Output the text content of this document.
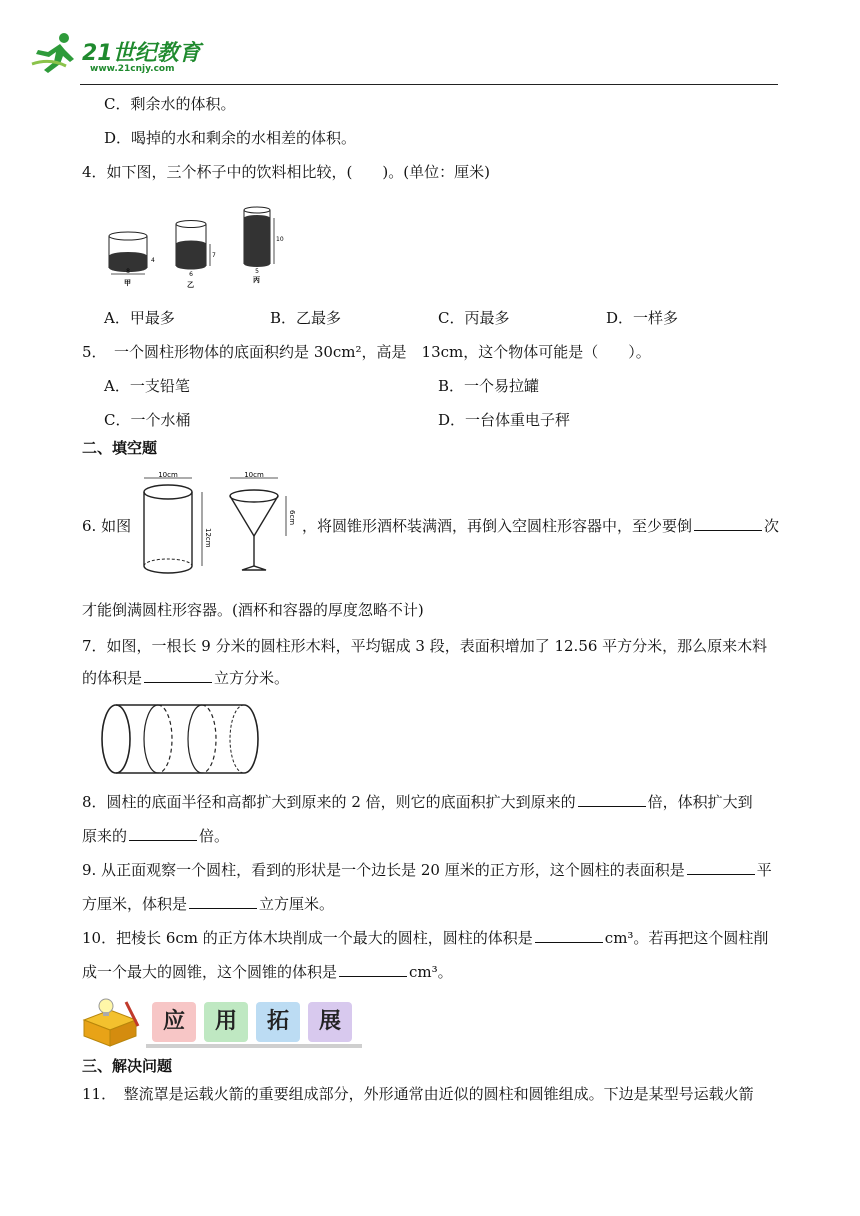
21世纪教育
www.21cnjy.com
C．剩余水的体积。
D．喝掉的水和剩余的水相差的体积。
4．如下图，三个杯子中的饮料相比较，(　　)。(单位：厘米)
8
4
甲
6
7
乙
5
10
丙
A．甲最多	B．乙最多	C．丙最多	D．一样多
5．　一个圆柱形物体的底面积约是 30cm²，高是　13cm，这个物体可能是（　　）。
A．一支铅笔	B．一个易拉罐
C．一个水桶	D．一台体重电子秤
二、填空题
6. 如图
10cm
12cm
10cm
6cm ，将圆锥形酒杯装满酒，再倒入空圆柱形容器中，至少要倒	次
才能倒满圆柱形容器。(酒杯和容器的厚度忽略不计)
7．如图，一根长 9 分米的圆柱形木料，平均锯成 3 段，表面积增加了 12.56 平方分米，那么原来木料
的体积是	立方分米。
8．圆柱的底面半径和高都扩大到原来的 2 倍，则它的底面积扩大到原来的	倍，体积扩大到
原来的	倍。
9. 从正面观察一个圆柱，看到的形状是一个边长是 20 厘米的正方形，这个圆柱的表面积是	平
方厘米，体积是	立方厘米。
10．把棱长 6cm 的正方体木块削成一个最大的圆柱，圆柱的体积是	cm³。若再把这个圆柱削
成一个最大的圆锥，这个圆锥的体积是	cm³。
应	用	拓	展
三、解决问题
11．　整流罩是运载火箭的重要组成部分，外形通常由近似的圆柱和圆锥组成。下边是某型号运载火箭
